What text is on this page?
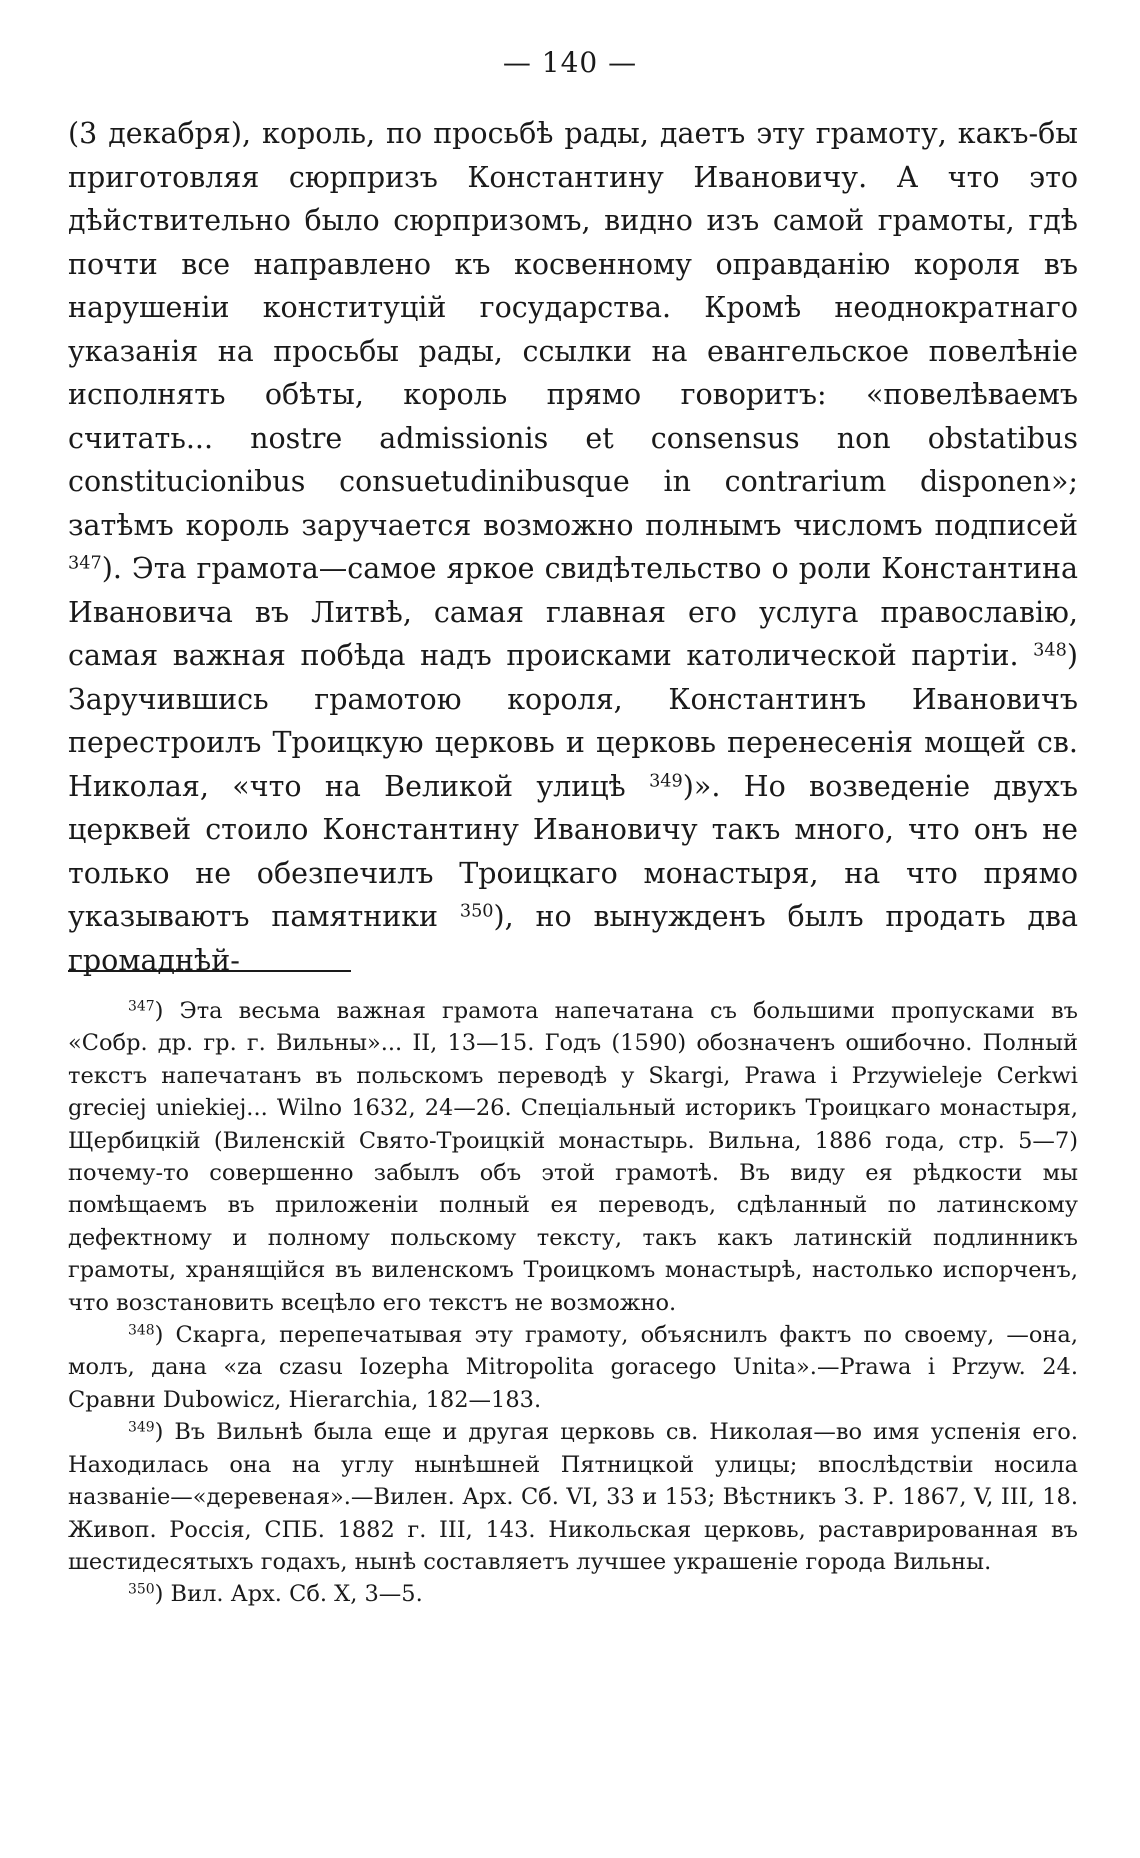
— 140 —

(3 декабря), король, по просьбѣ рады, даетъ эту грамоту, какъ-бы приготовляя сюрпризъ Константину Ивановичу. А что это дѣйствительно было сюрпризомъ, видно изъ самой грамоты, гдѣ почти все направлено къ косвенному оправданію короля въ нарушеніи конституцій государства. Кромѣ неоднократнаго указанія на просьбы рады, ссылки на евангельское повелѣніе исполнять обѣты, король прямо говоритъ: «повелѣваемъ считать... nostre admissionis et consensus non obstatibus constitucionibus consuetudinibusque in contrarium disponen»; затѣмъ король заручается возможно полнымъ числомъ подписей $^{347}$). Эта грамота—самое яркое свидѣтельство о роли Константина Ивановича въ Литвѣ, самая главная его услуга православію, самая важная побѣда надъ происками католической партіи. $^{348}$) Заручившись грамотою короля, Константинъ Ивановичъ перестроилъ Троицкую церковь и церковь перенесенія мощей св. Николая, «что на Великой улицѣ $^{349}$)». Но возведеніе двухъ церквей стоило Константину Ивановичу такъ много, что онъ не только не обезпечилъ Троицкаго монастыря, на что прямо указываютъ памятники $^{350}$), но вынужденъ былъ продать два громаднѣй-

$^{347}$) Эта весьма важная грамота напечатана съ большими пропусками въ «Собр. др. гр. г. Вильны»... II, 13—15. Годъ (1590) обозначенъ ошибочно. Полный текстъ напечатанъ въ польскомъ переводѣ у Skargi, Prawa i Przywieleje Cerkwi greciej uniekiej... Wilno 1632, 24—26. Спеціальный историкъ Троицкаго монастыря, Щербицкій (Виленскій Свято-Троицкій монастырь. Вильна, 1886 года, стр. 5—7) почему-то совершенно забылъ объ этой грамотѣ. Въ виду ея рѣдкости мы помѣщаемъ въ приложеніи полный ея переводъ, сдѣланный по латинскому дефектному и полному польскому тексту, такъ какъ латинскій подлинникъ грамоты, хранящійся въ виленскомъ Троицкомъ монастырѣ, настолько испорченъ, что возстановить всецѣло его текстъ не возможно.

$^{348}$) Скарга, перепечатывая эту грамоту, объяснилъ фактъ по своему, —она, молъ, дана «za czasu Iozepha Mitropolita goracego Unita».—Prawa i Przyw. 24. Сравни Dubowicz, Hierarchia, 182—183.

$^{349}$) Въ Вильнѣ была еще и другая церковь св. Николая—во имя успенія его. Находилась она на углу нынѣшней Пятницкой улицы; впослѣдствіи носила названіе—«деревеная».—Вилен. Арх. Сб. VI, 33 и 153; Вѣстникъ З. Р. 1867, V, III, 18. Живоп. Россія, СПБ. 1882 г. III, 143. Никольская церковь, раставрированная въ шестидесятыхъ годахъ, нынѣ составляетъ лучшее украшеніе города Вильны.

$^{350}$) Вил. Арх. Сб. X, 3—5.
